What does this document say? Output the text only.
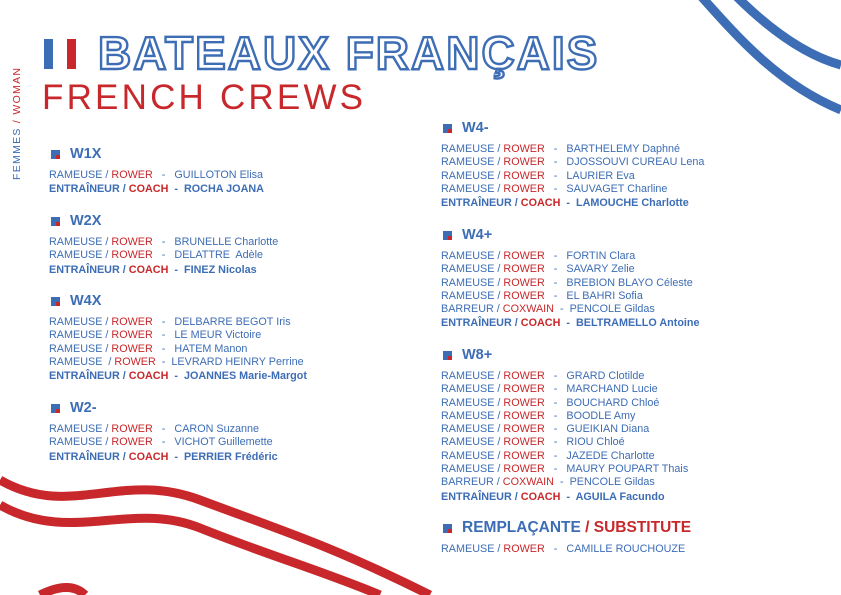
FEMMES / WOMAN
BATEAUX FRANÇAIS
FRENCH CREWS
W1X
RAMEUSE / ROWER   -   GUILLOTON Elisa
ENTRAÎNEUR / COACH  -  ROCHA JOANA
W2X
RAMEUSE / ROWER   -   BRUNELLE Charlotte
RAMEUSE / ROWER   -   DELATTRE  Adèle
ENTRAÎNEUR / COACH  -  FINEZ Nicolas
W4X
RAMEUSE / ROWER   -   DELBARRE BEGOT Iris
RAMEUSE / ROWER   -   LE MEUR Victoire
RAMEUSE / ROWER   -   HATEM Manon
RAMEUSE  / ROWER  -  LEVRARD HEINRY Perrine
ENTRAÎNEUR / COACH  -  JOANNES Marie-Margot
W2-
RAMEUSE / ROWER   -   CARON Suzanne
RAMEUSE / ROWER   -   VICHOT Guillemette
ENTRAÎNEUR / COACH  -  PERRIER Frédéric
W4-
RAMEUSE / ROWER   -   BARTHELEMY Daphné
RAMEUSE / ROWER   -   DJOSSOUVI CUREAU Lena
RAMEUSE / ROWER   -   LAURIER Eva
RAMEUSE / ROWER   -   SAUVAGET Charline
ENTRAÎNEUR / COACH  -  LAMOUCHE Charlotte
W4+
RAMEUSE / ROWER   -   FORTIN Clara
RAMEUSE / ROWER   -   SAVARY Zelie
RAMEUSE / ROWER   -   BREBION BLAYO Céleste
RAMEUSE / ROWER   -   EL BAHRI Sofia
BARREUR / COXWAIN  -  PENCOLE Gildas
ENTRAÎNEUR / COACH  -  BELTRAMELLO Antoine
W8+
RAMEUSE / ROWER   -   GRARD Clotilde
RAMEUSE / ROWER   -   MARCHAND Lucie
RAMEUSE / ROWER   -   BOUCHARD Chloé
RAMEUSE / ROWER   -   BOODLE Amy
RAMEUSE / ROWER   -   GUEIKIAN Diana
RAMEUSE / ROWER   -   RIOU Chloé
RAMEUSE / ROWER   -   JAZEDE Charlotte
RAMEUSE / ROWER   -   MAURY POUPART Thais
BARREUR / COXWAIN  -  PENCOLE Gildas
ENTRAÎNEUR / COACH  -  AGUILA Facundo
REMPLAÇANTE / SUBSTITUTE
RAMEUSE / ROWER   -   CAMILLE ROUCHOUZE
